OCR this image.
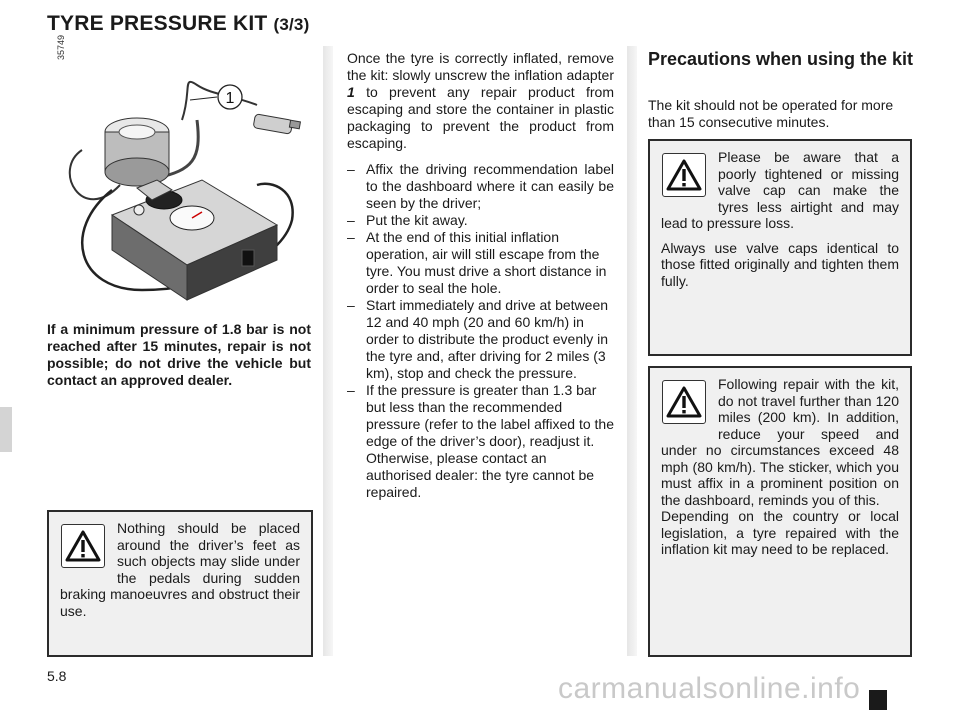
TYRE PRESSURE KIT (3/3)
35749
1
If a minimum pressure of 1.8 bar is not reached after 15 minutes, repair is not possible; do not drive the vehicle but contact an approved dealer.

Nothing should be placed around the driver’s feet as such objects may slide under the pedals during sudden braking manoeuvres and obstruct their use.

Once the tyre is correctly inflated, remove the kit: slowly unscrew the inflation adapter 1 to prevent any repair product from escaping and store the container in plastic packaging to prevent the product from escaping.

– Affix the driving recommendation label to the dashboard where it can easily be seen by the driver;
– Put the kit away.
– At the end of this initial inflation operation, air will still escape from the tyre. You must drive a short distance in order to seal the hole.
– Start immediately and drive at between 12 and 40 mph (20 and 60 km/h) in order to distribute the product evenly in the tyre and, after driving for 2 miles (3 km), stop and check the pressure.
– If the pressure is greater than 1.3 bar but less than the recommended pressure (refer to the label affixed to the edge of the driver’s door), readjust it. Otherwise, please contact an authorised dealer: the tyre cannot be repaired.
Precautions when using the kit
The kit should not be operated for more than 15 consecutive minutes.

Please be aware that a poorly tightened or missing valve cap can make the tyres less airtight and may lead to pressure loss.

Always use valve caps identical to those fitted originally and tighten them fully.

Following repair with the kit, do not travel further than 120 miles (200 km). In addition, reduce your speed and under no circumstances exceed 48 mph (80 km/h). The sticker, which you must affix in a prominent position on the dashboard, reminds you of this.

Depending on the country or local legislation, a tyre repaired with the inflation kit may need to be replaced.

5.8	carmanualsonline.info
